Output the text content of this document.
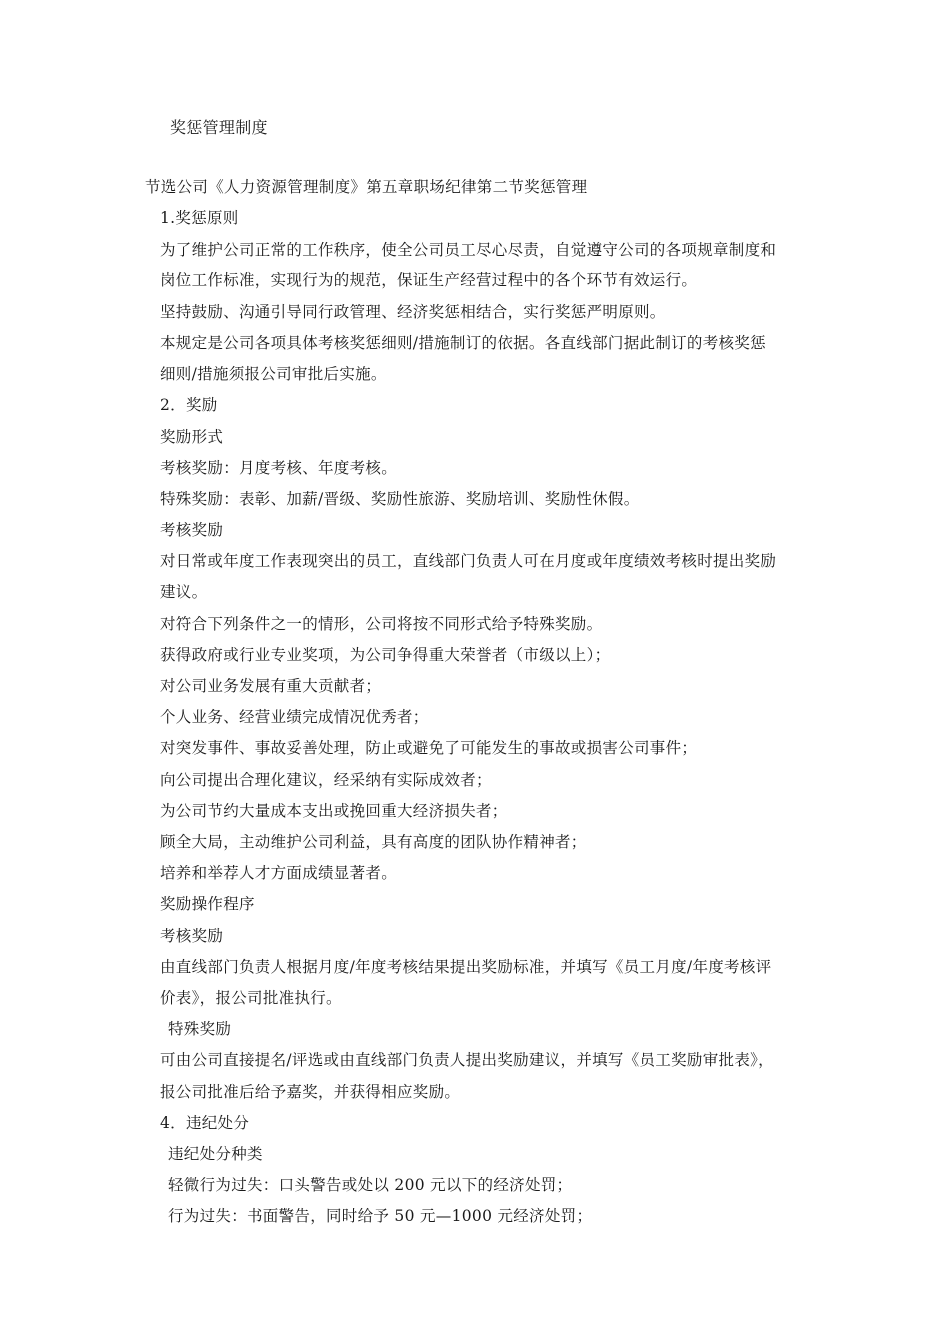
奖惩管理制度
节选公司《人力资源管理制度》第五章职场纪律第二节奖惩管理
1.奖惩原则
为了维护公司正常的工作秩序，使全公司员工尽心尽责，自觉遵守公司的各项规章制度和
岗位工作标准，实现行为的规范，保证生产经营过程中的各个环节有效运行。
坚持鼓励、沟通引导同行政管理、经济奖惩相结合，实行奖惩严明原则。
本规定是公司各项具体考核奖惩细则/措施制订的依据。各直线部门据此制订的考核奖惩
细则/措施须报公司审批后实施。
2．奖励
奖励形式
考核奖励：月度考核、年度考核。
特殊奖励：表彰、加薪/晋级、奖励性旅游、奖励培训、奖励性休假。
考核奖励
对日常或年度工作表现突出的员工，直线部门负责人可在月度或年度绩效考核时提出奖励
建议。
对符合下列条件之一的情形，公司将按不同形式给予特殊奖励。
获得政府或行业专业奖项，为公司争得重大荣誉者（市级以上）；
对公司业务发展有重大贡献者；
个人业务、经营业绩完成情况优秀者；
对突发事件、事故妥善处理，防止或避免了可能发生的事故或损害公司事件；
向公司提出合理化建议，经采纳有实际成效者；
为公司节约大量成本支出或挽回重大经济损失者；
顾全大局，主动维护公司利益，具有高度的团队协作精神者；
培养和举荐人才方面成绩显著者。
奖励操作程序
考核奖励
由直线部门负责人根据月度/年度考核结果提出奖励标准，并填写《员工月度/年度考核评
价表》，报公司批准执行。
特殊奖励
可由公司直接提名/评选或由直线部门负责人提出奖励建议，并填写《员工奖励审批表》，
报公司批准后给予嘉奖，并获得相应奖励。
4．违纪处分
违纪处分种类
轻微行为过失：口头警告或处以 200 元以下的经济处罚；
行为过失：书面警告，同时给予 50 元—1000 元经济处罚；
